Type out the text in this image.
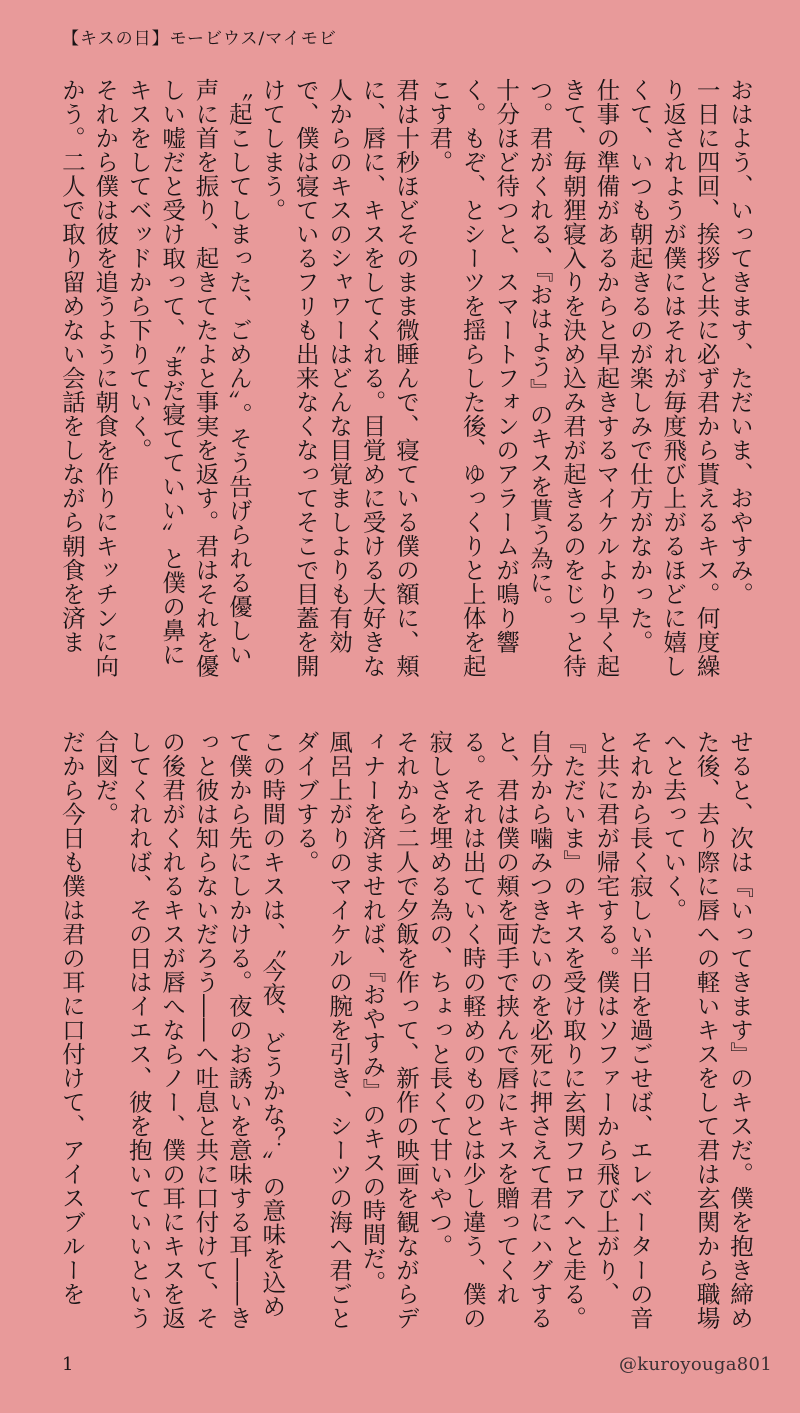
【キスの日】モービウス/マイモビ

おはよう、いってきます、ただいま、おやすみ。

一日に四回、挨拶と共に必ず君から貰えるキス。何度繰り返されようが僕にはそれが毎度飛び上がるほどに嬉しくて、いつも朝起きるのが楽しみで仕方がなかった。

仕事の準備があるからと早起きするマイケルより早く起きて、毎朝狸寝入りを決め込み君が起きるのをじっと待つ。君がくれる、『おはよう』のキスを貰う為に。

十分ほど待つと、スマートフォンのアラームが鳴り響く。もぞ、とシーツを揺らした後、ゆっくりと上体を起こす君。

君は十秒ほどそのまま微睡んで、寝ている僕の額に、頬に、唇に、キスをしてくれる。目覚めに受ける大好きな人からのキスのシャワーはどんな目覚ましよりも有効で、僕は寝ているフリも出来なくなってそこで目蓋を開けてしまう。

〝起こしてしまった、ごめん〟。そう告げられる優しい声に首を振り、起きてたよと事実を返す。君はそれを優しい嘘だと受け取って、〝まだ寝てていい〟と僕の鼻にキスをしてベッドから下りていく。

それから僕は彼を追うように朝食を作りにキッチンに向かう。二人で取り留めない会話をしながら朝食を済ま

せると、次は『いってきます』のキスだ。僕を抱き締めた後、去り際に唇への軽いキスをして君は玄関から職場へと去っていく。

それから長く寂しい半日を過ごせば、エレベーターの音と共に君が帰宅する。僕はソファーから飛び上がり、『ただいま』のキスを受け取りに玄関フロアへと走る。自分から噛みつきたいのを必死に押さえて君にハグすると、君は僕の頬を両手で挟んで唇にキスを贈ってくれる。それは出ていく時の軽めのものとは少し違う、僕の寂しさを埋める為の、ちょっと長くて甘いやつ。

それから二人で夕飯を作って、新作の映画を観ながらディナーを済ませれば、『おやすみ』のキスの時間だ。

風呂上がりのマイケルの腕を引き、シーツの海へ君ごとダイブする。

この時間のキスは、〝今夜、どうかな？〟の意味を込めて僕から先にしかける。夜のお誘いを意味する耳――きっと彼は知らないだろう――へ吐息と共に口付けて、その後君がくれるキスが唇へならノー、僕の耳にキスを返してくれれば、その日はイエス、彼を抱いていいという合図だ。

だから今日も僕は君の耳に口付けて、アイスブルーを

1	@kuroyouga801
